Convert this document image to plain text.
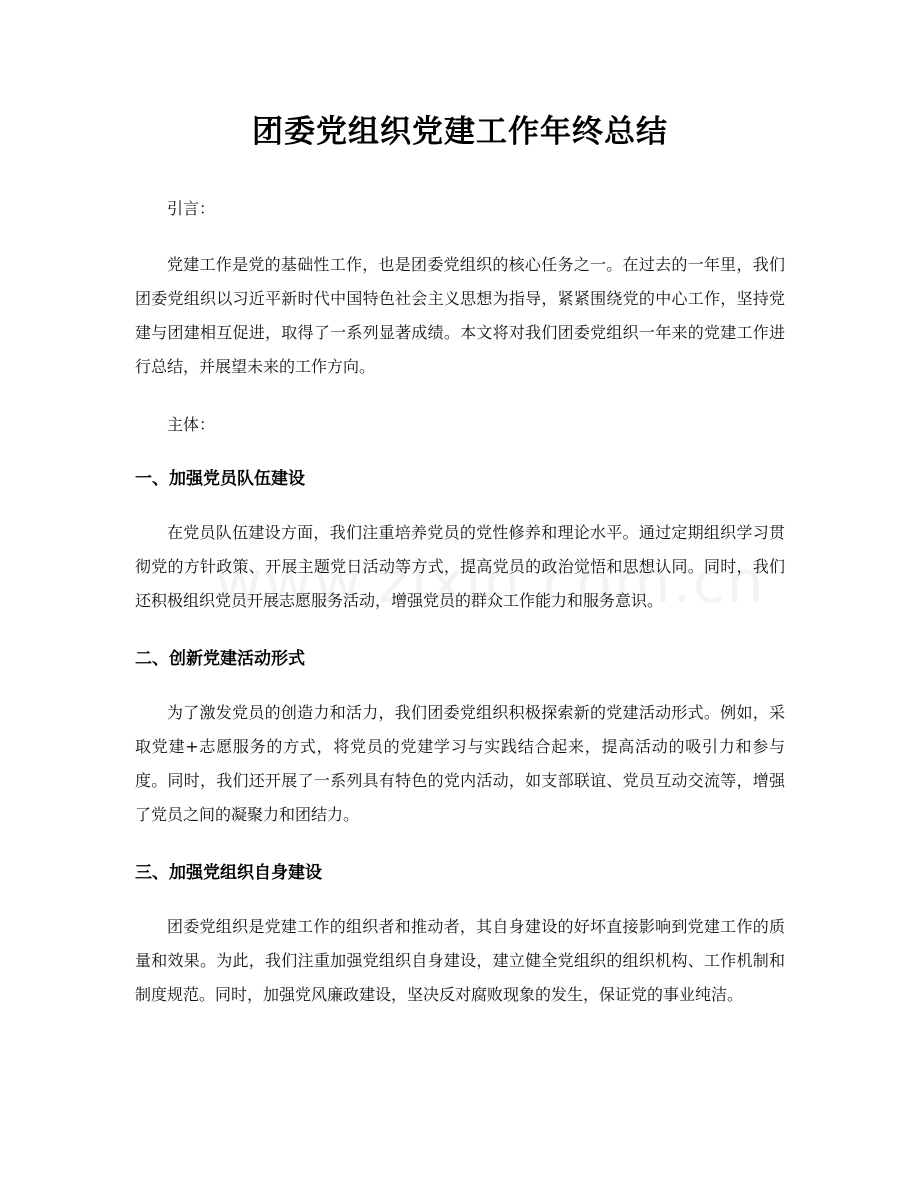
团委党组织党建工作年终总结

引言：

党建工作是党的基础性工作，也是团委党组织的核心任务之一。在过去的一年里，我们团委党组织以习近平新时代中国特色社会主义思想为指导，紧紧围绕党的中心工作，坚持党建与团建相互促进，取得了一系列显著成绩。本文将对我们团委党组织一年来的党建工作进行总结，并展望未来的工作方向。

主体：

一、加强党员队伍建设

在党员队伍建设方面，我们注重培养党员的党性修养和理论水平。通过定期组织学习贯彻党的方针政策、开展主题党日活动等方式，提高党员的政治觉悟和思想认同。同时，我们还积极组织党员开展志愿服务活动，增强党员的群众工作能力和服务意识。

二、创新党建活动形式

为了激发党员的创造力和活力，我们团委党组织积极探索新的党建活动形式。例如，采取党建+志愿服务的方式，将党员的党建学习与实践结合起来，提高活动的吸引力和参与度。同时，我们还开展了一系列具有特色的党内活动，如支部联谊、党员互动交流等，增强了党员之间的凝聚力和团结力。

三、加强党组织自身建设

团委党组织是党建工作的组织者和推动者，其自身建设的好坏直接影响到党建工作的质量和效果。为此，我们注重加强党组织自身建设，建立健全党组织的组织机构、工作机制和制度规范。同时，加强党风廉政建设，坚决反对腐败现象的发生，保证党的事业纯洁。
